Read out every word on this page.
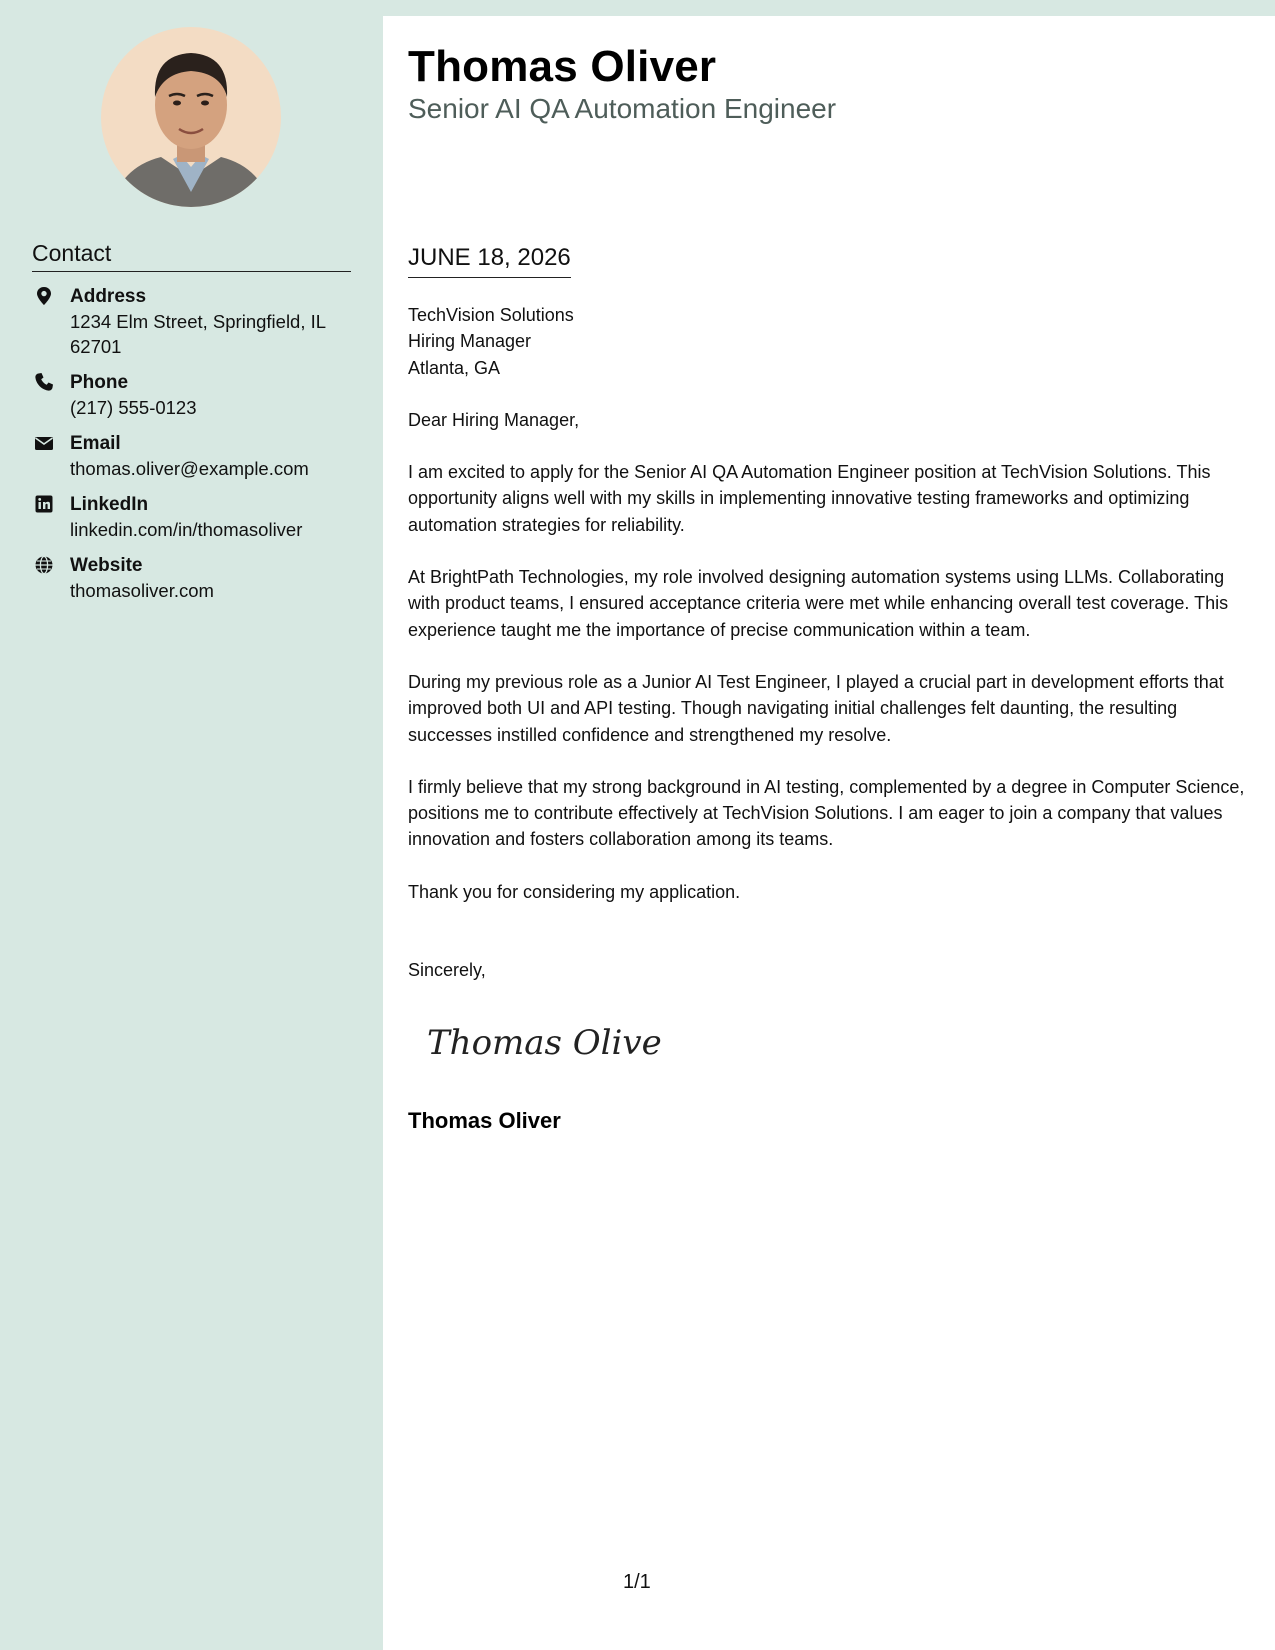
Contact
Address
1234 Elm Street, Springfield, IL 62701
Phone
(217) 555-0123
Email
thomas.oliver@example.com
LinkedIn
linkedin.com/in/thomasoliver
Website
thomasoliver.com
Thomas Oliver
Senior AI QA Automation Engineer
JUNE 18, 2026
TechVision Solutions
Hiring Manager
Atlanta, GA
Dear Hiring Manager,
I am excited to apply for the Senior AI QA Automation Engineer position at TechVision Solutions. This opportunity aligns well with my skills in implementing innovative testing frameworks and optimizing automation strategies for reliability.
At BrightPath Technologies, my role involved designing automation systems using LLMs. Collaborating with product teams, I ensured acceptance criteria were met while enhancing overall test coverage. This experience taught me the importance of precise communication within a team.
During my previous role as a Junior AI Test Engineer, I played a crucial part in development efforts that improved both UI and API testing. Though navigating initial challenges felt daunting, the resulting successes instilled confidence and strengthened my resolve.
I firmly believe that my strong background in AI testing, complemented by a degree in Computer Science, positions me to contribute effectively at TechVision Solutions. I am eager to join a company that values innovation and fosters collaboration among its teams.
Thank you for considering my application.
Sincerely,
Thomas Oliver
Thomas Oliver
1/1
